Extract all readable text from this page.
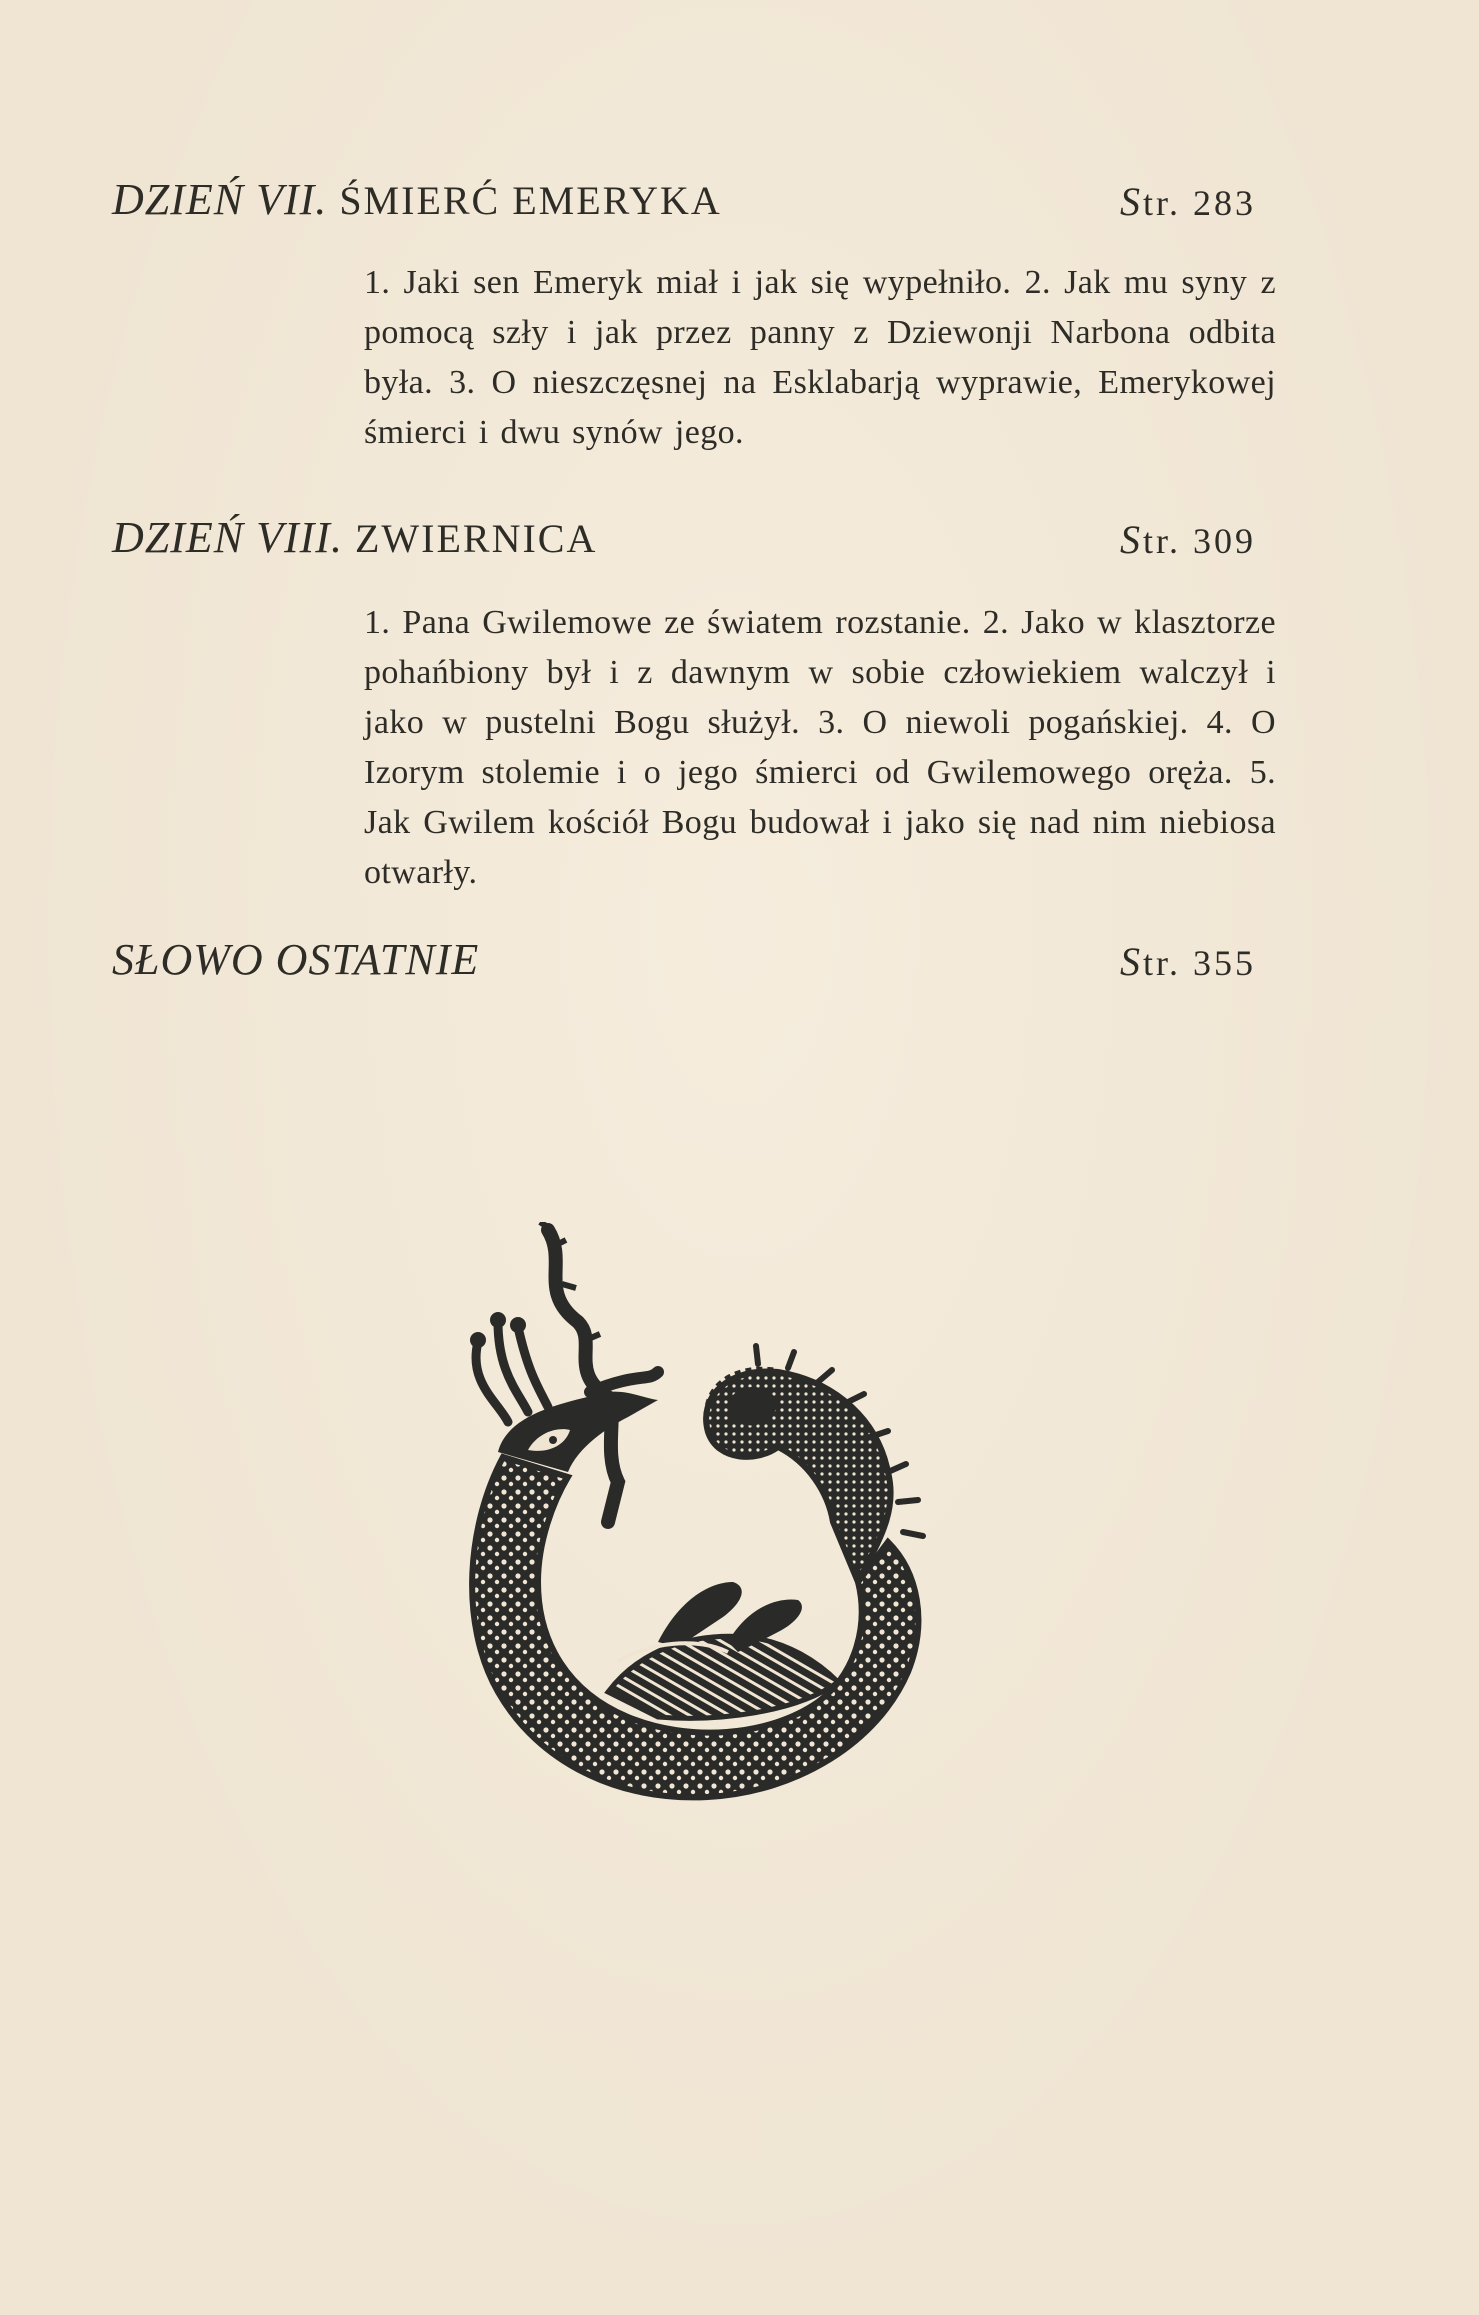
DZIEŃ VII. ŚMIERĆ EMERYKA	Str. 283
1. Jaki sen Emeryk miał i jak się wypełniło. 2. Jak mu syny z pomocą szły i jak przez panny z Dziewonji Narbona odbita była. 3. O nieszczęsnej na Esklabarją wyprawie, Emerykowej śmierci i dwu synów jego.
DZIEŃ VIII. ZWIERNICA	Str. 309
1. Pana Gwilemowe ze światem rozstanie. 2. Jako w klasztorze pohańbiony był i z dawnym w sobie człowiekiem walczył i jako w pustelni Bogu służył. 3. O niewoli pogańskiej. 4. O Izorym stolemie i o jego śmierci od Gwilemowego oręża. 5. Jak Gwilem kościół Bogu budował i jako się nad nim niebiosa otwarły.
SŁOWO OSTATNIE	Str. 355
